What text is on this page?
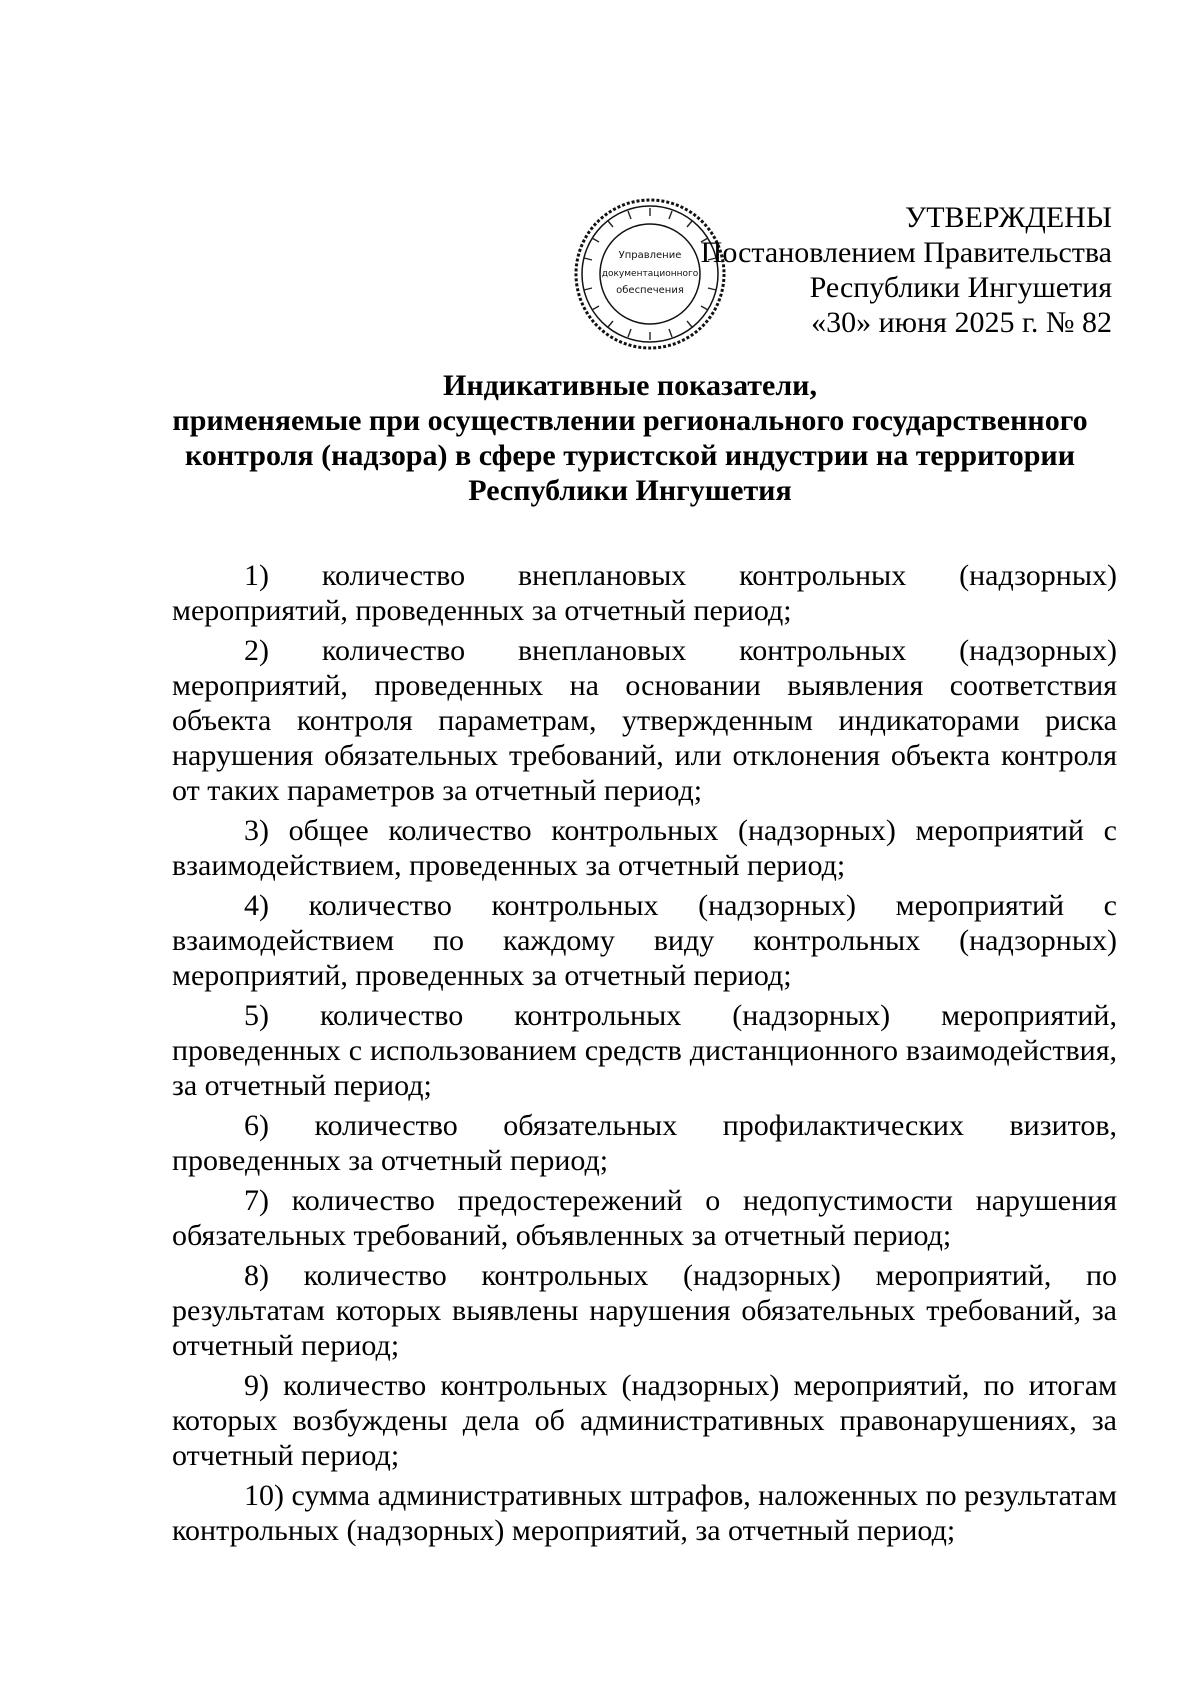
Управление
документационного
обеспечения
УТВЕРЖДЕНЫ
Постановлением Правительства
Республики Ингушетия
«30» июня 2025 г. № 82
Индикативные показатели,
применяемые при осуществлении регионального государственного
контроля (надзора) в сфере туристской индустрии на территории
Республики Ингушетия

1) количество внеплановых контрольных (надзорных) мероприятий, проведенных за отчетный период;

2) количество внеплановых контрольных (надзорных) мероприятий, проведенных на основании выявления соответствия объекта контроля параметрам, утвержденным индикаторами риска нарушения обязательных требований, или отклонения объекта контроля от таких параметров за отчетный период;

3) общее количество контрольных (надзорных) мероприятий с взаимодействием, проведенных за отчетный период;

4) количество контрольных (надзорных) мероприятий с взаимодействием по каждому виду контрольных (надзорных) мероприятий, проведенных за отчетный период;

5) количество контрольных (надзорных) мероприятий, проведенных с использованием средств дистанционного взаимодействия, за отчетный период;

6) количество обязательных профилактических визитов, проведенных за отчетный период;

7) количество предостережений о недопустимости нарушения обязательных требований, объявленных за отчетный период;

8) количество контрольных (надзорных) мероприятий, по результатам которых выявлены нарушения обязательных требований, за отчетный период;

9) количество контрольных (надзорных) мероприятий, по итогам которых возбуждены дела об административных правонарушениях, за отчетный период;

10) сумма административных штрафов, наложенных по результатам контрольных (надзорных) мероприятий, за отчетный период;
